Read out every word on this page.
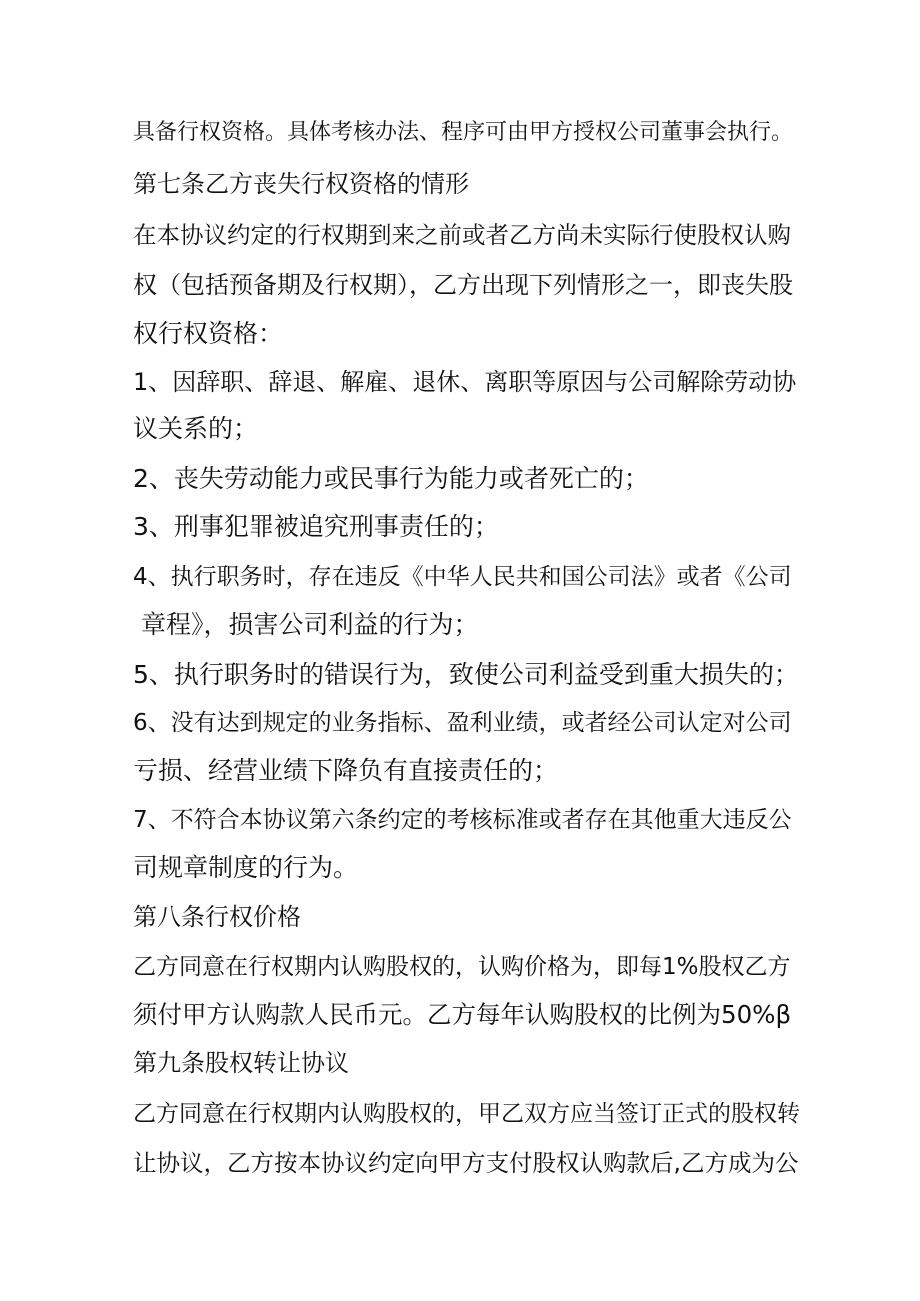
具备行权资格。具体考核办法、程序可由甲方授权公司董事会执行。

第七条乙方丧失行权资格的情形

在本协议约定的行权期到来之前或者乙方尚未实际行使股权认购

权（包括预备期及行权期），乙方出现下列情形之一，即丧失股

权行权资格：

1、因辞职、辞退、解雇、退休、离职等原因与公司解除劳动协

议关系的；

2、丧失劳动能力或民事行为能力或者死亡的；

3、刑事犯罪被追究刑事责任的；

4、执行职务时，存在违反《中华人民共和国公司法》或者《公司

章程》，损害公司利益的行为；

5、执行职务时的错误行为，致使公司利益受到重大损失的；

6、没有达到规定的业务指标、盈利业绩，或者经公司认定对公司

亏损、经营业绩下降负有直接责任的；

7、不符合本协议第六条约定的考核标准或者存在其他重大违反公

司规章制度的行为。

第八条行权价格

乙方同意在行权期内认购股权的，认购价格为，即每1%股权乙方

须付甲方认购款人民币元。乙方每年认购股权的比例为50%β

第九条股权转让协议

乙方同意在行权期内认购股权的，甲乙双方应当签订正式的股权转

让协议，乙方按本协议约定向甲方支付股权认购款后,乙方成为公
